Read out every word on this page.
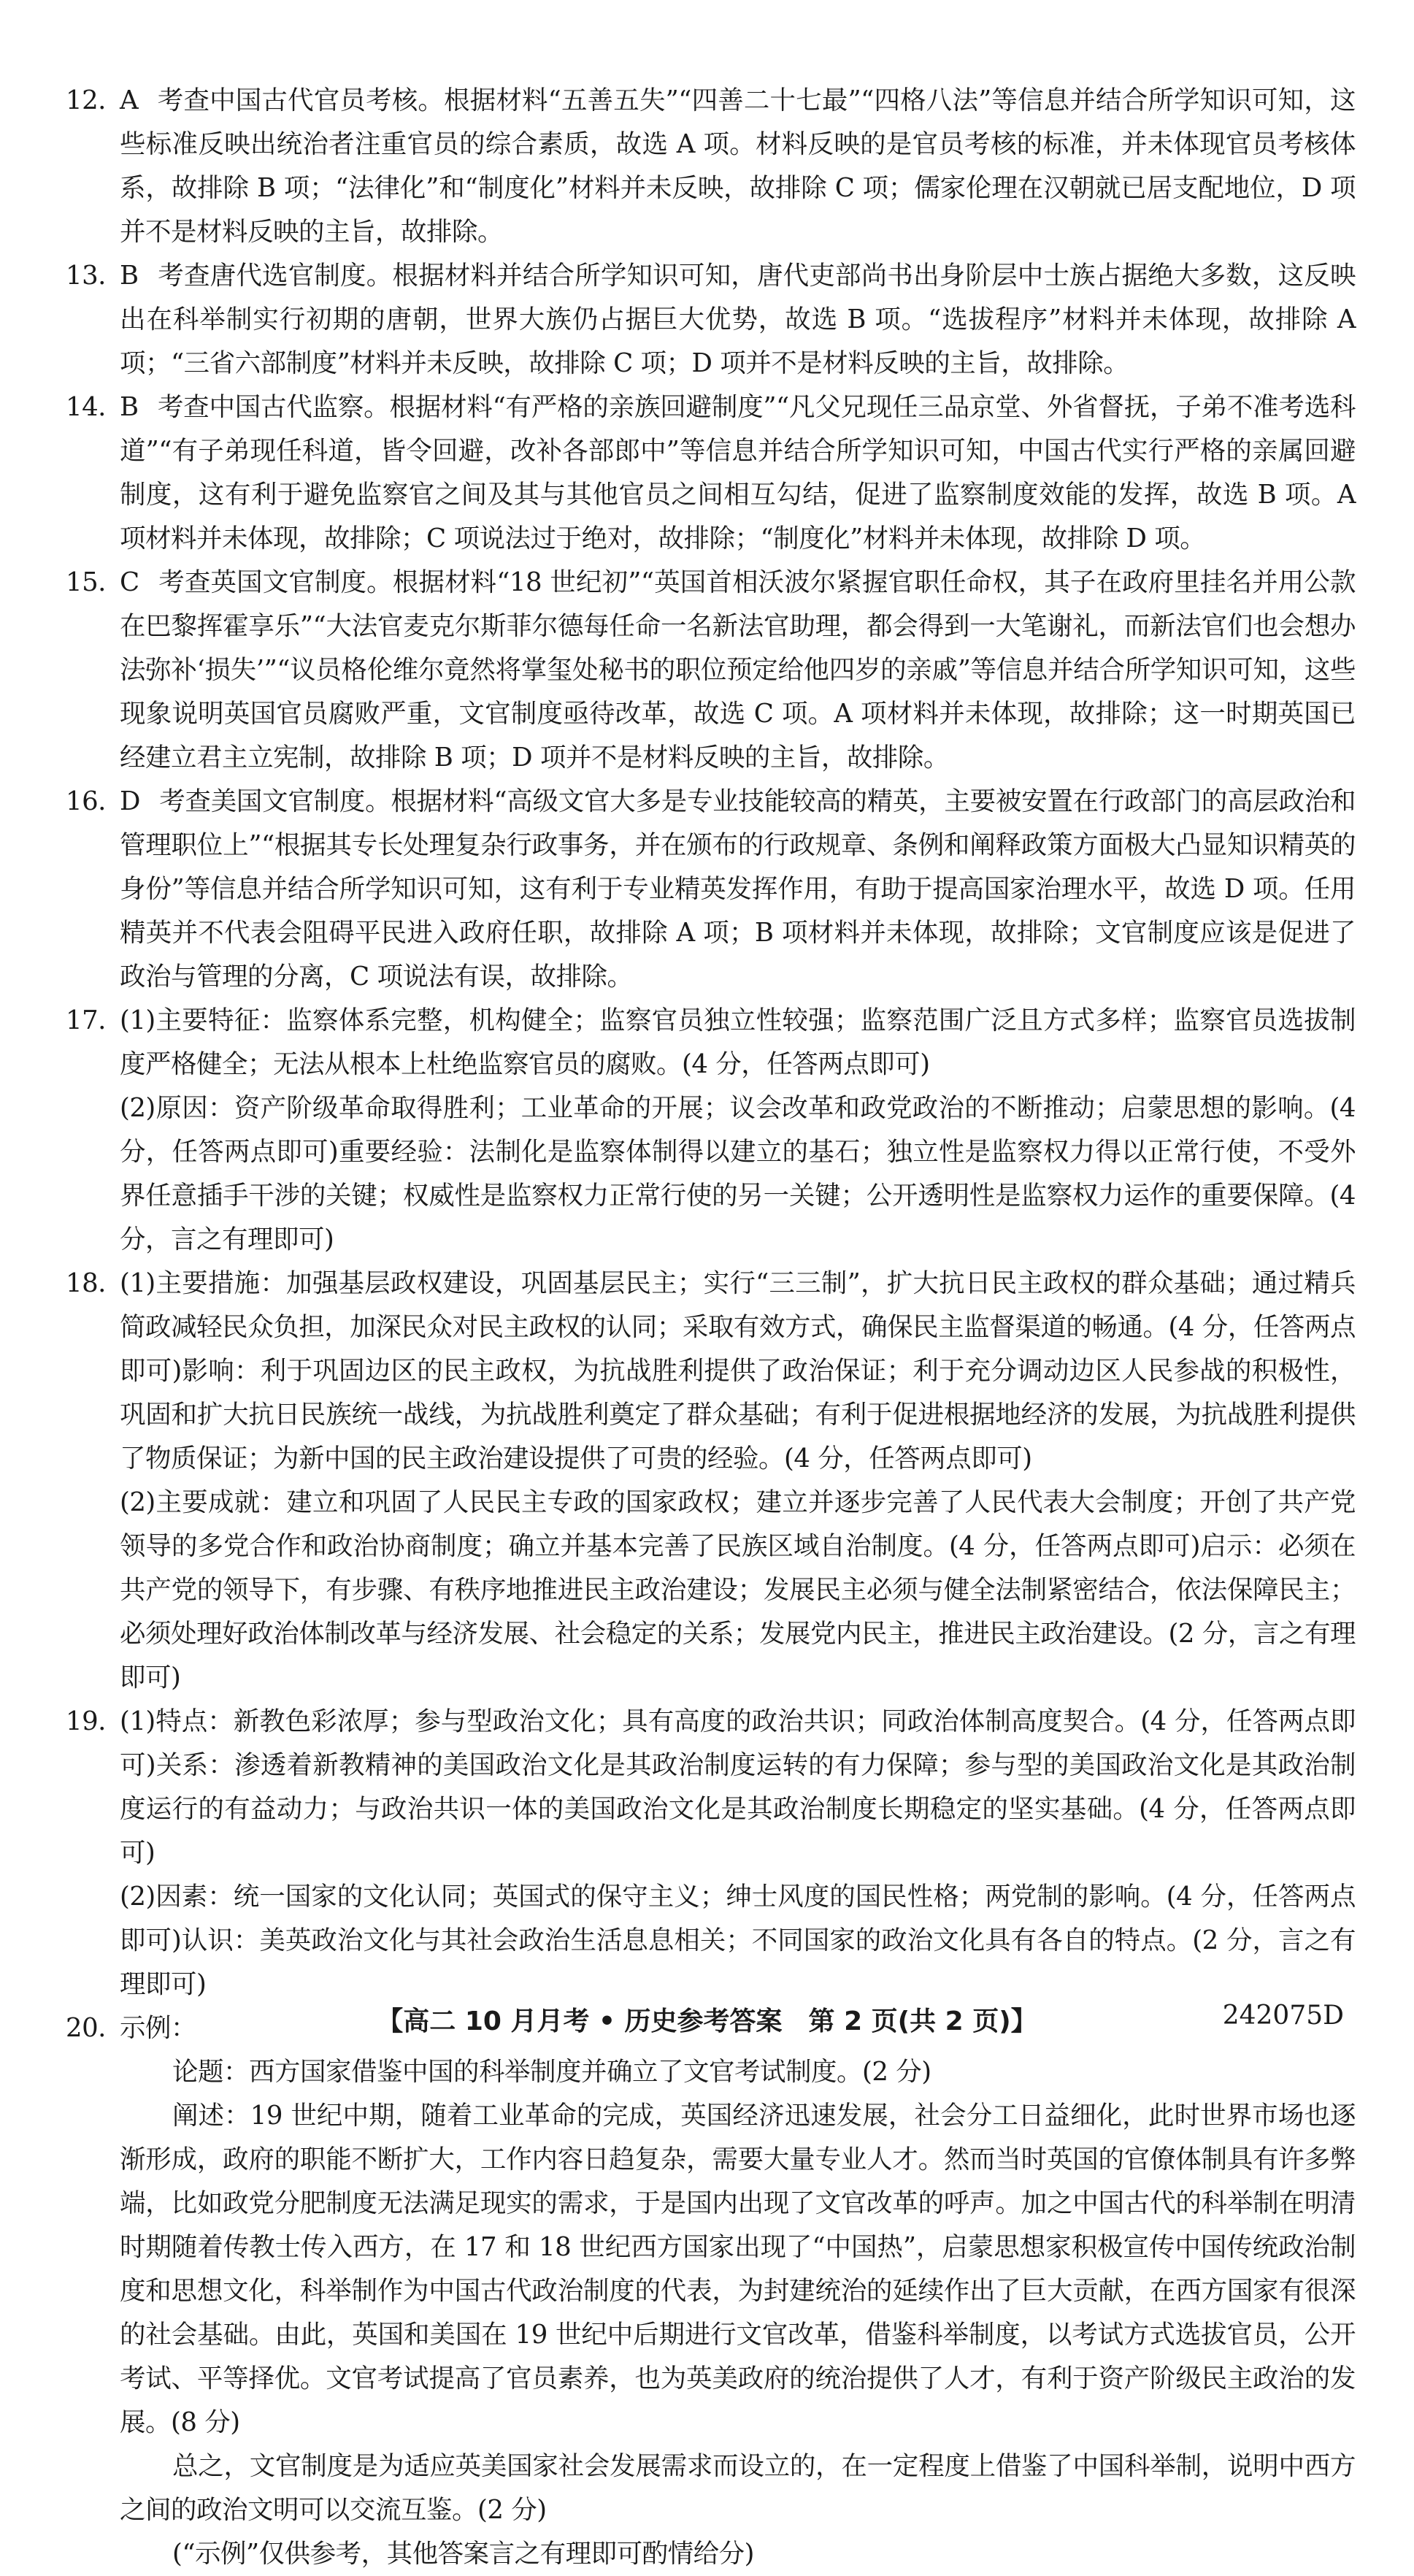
12. A 考查中国古代官员考核。根据材料“五善五失”“四善二十七最”“四格八法”等信息并结合所学知识可知，这些标准反映出统治者注重官员的综合素质，故选 A 项。材料反映的是官员考核的标准，并未体现官员考核体系，故排除 B 项；“法律化”和“制度化”材料并未反映，故排除 C 项；儒家伦理在汉朝就已居支配地位，D 项并不是材料反映的主旨，故排除。

13. B 考查唐代选官制度。根据材料并结合所学知识可知，唐代吏部尚书出身阶层中士族占据绝大多数，这反映出在科举制实行初期的唐朝，世界大族仍占据巨大优势，故选 B 项。“选拔程序”材料并未体现，故排除 A 项；“三省六部制度”材料并未反映，故排除 C 项；D 项并不是材料反映的主旨，故排除。

14. B 考查中国古代监察。根据材料“有严格的亲族回避制度”“凡父兄现任三品京堂、外省督抚，子弟不准考选科道”“有子弟现任科道，皆令回避，改补各部郎中”等信息并结合所学知识可知，中国古代实行严格的亲属回避制度，这有利于避免监察官之间及其与其他官员之间相互勾结，促进了监察制度效能的发挥，故选 B 项。A 项材料并未体现，故排除；C 项说法过于绝对，故排除；“制度化”材料并未体现，故排除 D 项。

15. C 考查英国文官制度。根据材料“18 世纪初”“英国首相沃波尔紧握官职任命权，其子在政府里挂名并用公款在巴黎挥霍享乐”“大法官麦克尔斯菲尔德每任命一名新法官助理，都会得到一大笔谢礼，而新法官们也会想办法弥补‘损失’”“议员格伦维尔竟然将掌玺处秘书的职位预定给他四岁的亲戚”等信息并结合所学知识可知，这些现象说明英国官员腐败严重，文官制度亟待改革，故选 C 项。A 项材料并未体现，故排除；这一时期英国已经建立君主立宪制，故排除 B 项；D 项并不是材料反映的主旨，故排除。

16. D 考查美国文官制度。根据材料“高级文官大多是专业技能较高的精英，主要被安置在行政部门的高层政治和管理职位上”“根据其专长处理复杂行政事务，并在颁布的行政规章、条例和阐释政策方面极大凸显知识精英的身份”等信息并结合所学知识可知，这有利于专业精英发挥作用，有助于提高国家治理水平，故选 D 项。任用精英并不代表会阻碍平民进入政府任职，故排除 A 项；B 项材料并未体现，故排除；文官制度应该是促进了政治与管理的分离，C 项说法有误，故排除。

17. (1)主要特征：监察体系完整，机构健全；监察官员独立性较强；监察范围广泛且方式多样；监察官员选拔制度严格健全；无法从根本上杜绝监察官员的腐败。(4 分，任答两点即可)

(2)原因：资产阶级革命取得胜利；工业革命的开展；议会改革和政党政治的不断推动；启蒙思想的影响。(4 分，任答两点即可)重要经验：法制化是监察体制得以建立的基石；独立性是监察权力得以正常行使，不受外界任意插手干涉的关键；权威性是监察权力正常行使的另一关键；公开透明性是监察权力运作的重要保障。(4 分，言之有理即可)

18. (1)主要措施：加强基层政权建设，巩固基层民主；实行“三三制”，扩大抗日民主政权的群众基础；通过精兵简政减轻民众负担，加深民众对民主政权的认同；采取有效方式，确保民主监督渠道的畅通。(4 分，任答两点即可)影响：利于巩固边区的民主政权，为抗战胜利提供了政治保证；利于充分调动边区人民参战的积极性，巩固和扩大抗日民族统一战线，为抗战胜利奠定了群众基础；有利于促进根据地经济的发展，为抗战胜利提供了物质保证；为新中国的民主政治建设提供了可贵的经验。(4 分，任答两点即可)

(2)主要成就：建立和巩固了人民民主专政的国家政权；建立并逐步完善了人民代表大会制度；开创了共产党领导的多党合作和政治协商制度；确立并基本完善了民族区域自治制度。(4 分，任答两点即可)启示：必须在共产党的领导下，有步骤、有秩序地推进民主政治建设；发展民主必须与健全法制紧密结合，依法保障民主；必须处理好政治体制改革与经济发展、社会稳定的关系；发展党内民主，推进民主政治建设。(2 分，言之有理即可)

19. (1)特点：新教色彩浓厚；参与型政治文化；具有高度的政治共识；同政治体制高度契合。(4 分，任答两点即可)关系：渗透着新教精神的美国政治文化是其政治制度运转的有力保障；参与型的美国政治文化是其政治制度运行的有益动力；与政治共识一体的美国政治文化是其政治制度长期稳定的坚实基础。(4 分，任答两点即可)

(2)因素：统一国家的文化认同；英国式的保守主义；绅士风度的国民性格；两党制的影响。(4 分，任答两点即可)认识：美英政治文化与其社会政治生活息息相关；不同国家的政治文化具有各自的特点。(2 分，言之有理即可)

20. 示例：

论题：西方国家借鉴中国的科举制度并确立了文官考试制度。(2 分)

阐述：19 世纪中期，随着工业革命的完成，英国经济迅速发展，社会分工日益细化，此时世界市场也逐渐形成，政府的职能不断扩大，工作内容日趋复杂，需要大量专业人才。然而当时英国的官僚体制具有许多弊端，比如政党分肥制度无法满足现实的需求，于是国内出现了文官改革的呼声。加之中国古代的科举制在明清时期随着传教士传入西方，在 17 和 18 世纪西方国家出现了“中国热”，启蒙思想家积极宣传中国传统政治制度和思想文化，科举制作为中国古代政治制度的代表，为封建统治的延续作出了巨大贡献，在西方国家有很深的社会基础。由此，英国和美国在 19 世纪中后期进行文官改革，借鉴科举制度，以考试方式选拔官员，公开考试、平等择优。文官考试提高了官员素养，也为英美政府的统治提供了人才，有利于资产阶级民主政治的发展。(8 分)

总之，文官制度是为适应英美国家社会发展需求而设立的，在一定程度上借鉴了中国科举制，说明中西方之间的政治文明可以交流互鉴。(2 分)

(“示例”仅供参考，其他答案言之有理即可酌情给分)

【高二 10 月月考 • 历史参考答案　第 2 页(共 2 页)】	242075D
